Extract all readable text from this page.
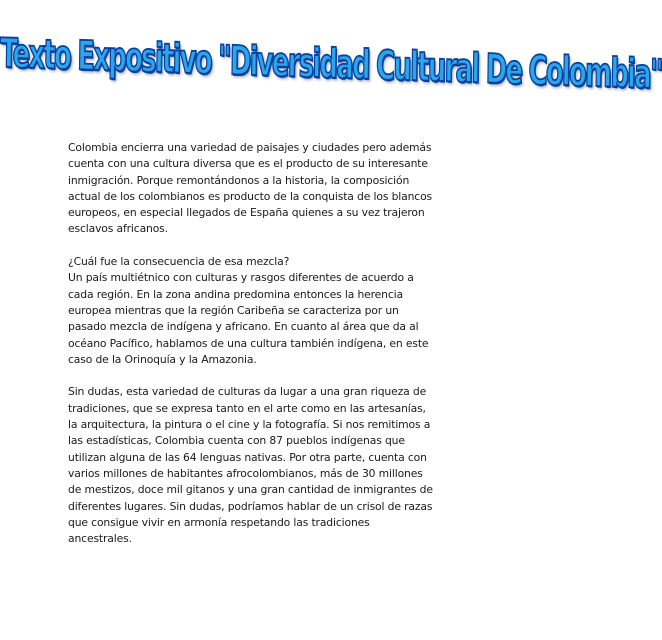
Texto Expositivo "Diversidad Cultural De Colombia"

Colombia encierra una variedad de paisajes y ciudades pero además cuenta con una cultura diversa que es el producto de su interesante inmigración. Porque remontándonos a la historia, la composición actual de los colombianos es producto de la conquista de los blancos europeos, en especial llegados de España quienes a su vez trajeron esclavos africanos.

¿Cuál fue la consecuencia de esa mezcla?
Un país multiétnico con culturas y rasgos diferentes de acuerdo a cada región. En la zona andina predomina entonces la herencia europea mientras que la región Caribeña se caracteriza por un pasado mezcla de indígena y africano. En cuanto al área que da al océano Pacífico, hablamos de una cultura también indígena, en este caso de la Orinoquía y la Amazonia.

Sin dudas, esta variedad de culturas da lugar a una gran riqueza de tradiciones, que se expresa tanto en el arte como en las artesanías, la arquitectura, la pintura o el cine y la fotografía. Si nos remitimos a las estadísticas, Colombia cuenta con 87 pueblos indígenas que utilizan alguna de las 64 lenguas nativas. Por otra parte, cuenta con varios millones de habitantes afrocolombianos, más de 30 millones de mestizos, doce mil gitanos y una gran cantidad de inmigrantes de diferentes lugares. Sin dudas, podríamos hablar de un crisol de razas que consigue vivir en armonía respetando las tradiciones ancestrales.
